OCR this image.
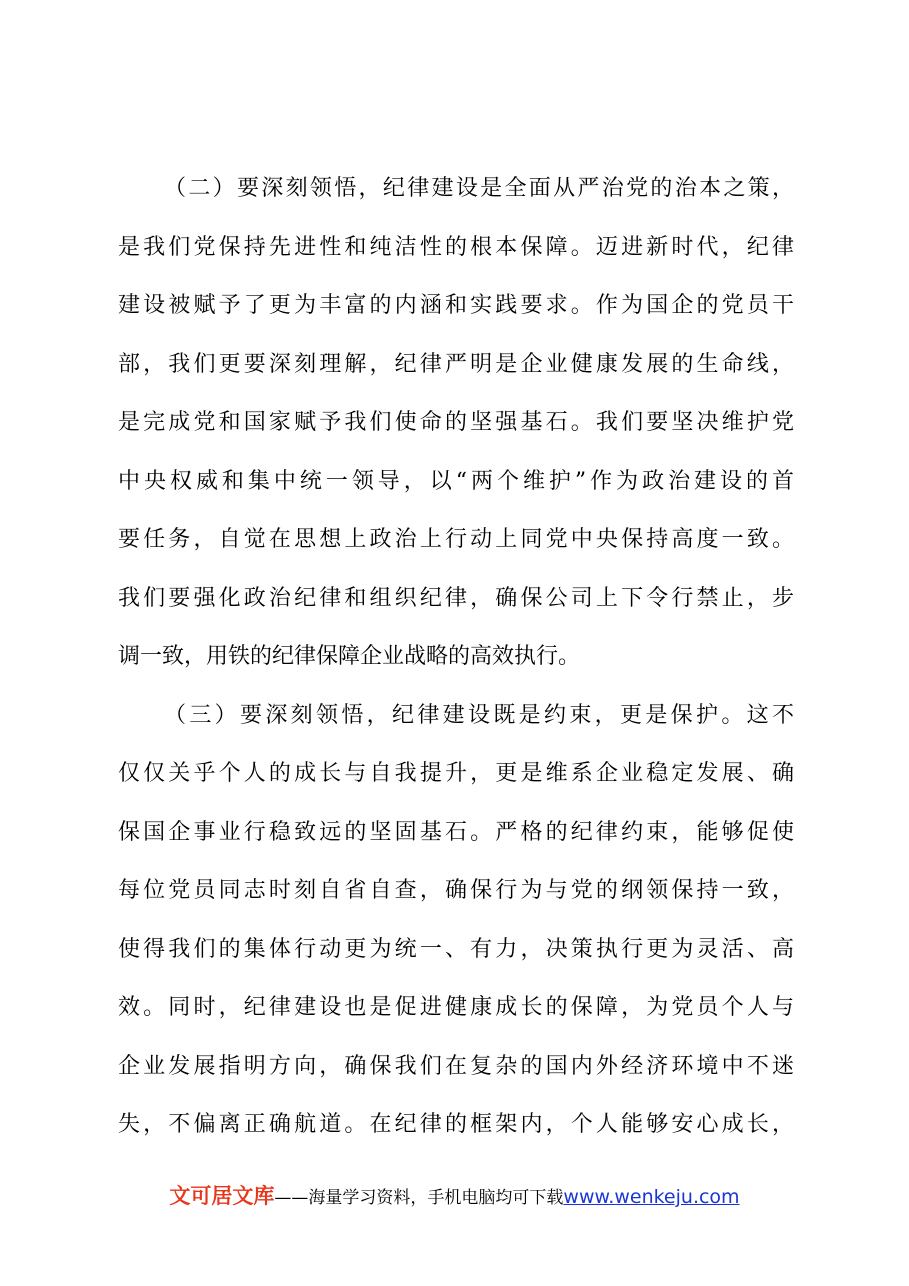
（二）要深刻领悟，纪律建设是全面从严治党的治本之策，
是我们党保持先进性和纯洁性的根本保障。迈进新时代，纪律
建设被赋予了更为丰富的内涵和实践要求。作为国企的党员干
部，我们更要深刻理解，纪律严明是企业健康发展的生命线，
是完成党和国家赋予我们使命的坚强基石。我们要坚决维护党
中央权威和集中统一领导，以“两个维护”作为政治建设的首
要任务，自觉在思想上政治上行动上同党中央保持高度一致。
我们要强化政治纪律和组织纪律，确保公司上下令行禁止，步
调一致，用铁的纪律保障企业战略的高效执行。
（三）要深刻领悟，纪律建设既是约束，更是保护。这不
仅仅关乎个人的成长与自我提升，更是维系企业稳定发展、确
保国企事业行稳致远的坚固基石。严格的纪律约束，能够促使
每位党员同志时刻自省自查，确保行为与党的纲领保持一致，
使得我们的集体行动更为统一、有力，决策执行更为灵活、高
效。同时，纪律建设也是促进健康成长的保障，为党员个人与
企业发展指明方向，确保我们在复杂的国内外经济环境中不迷
失，不偏离正确航道。在纪律的框架内，个人能够安心成长，
文可居文库——海量学习资料，手机电脑均可下载www.wenkeju.com
